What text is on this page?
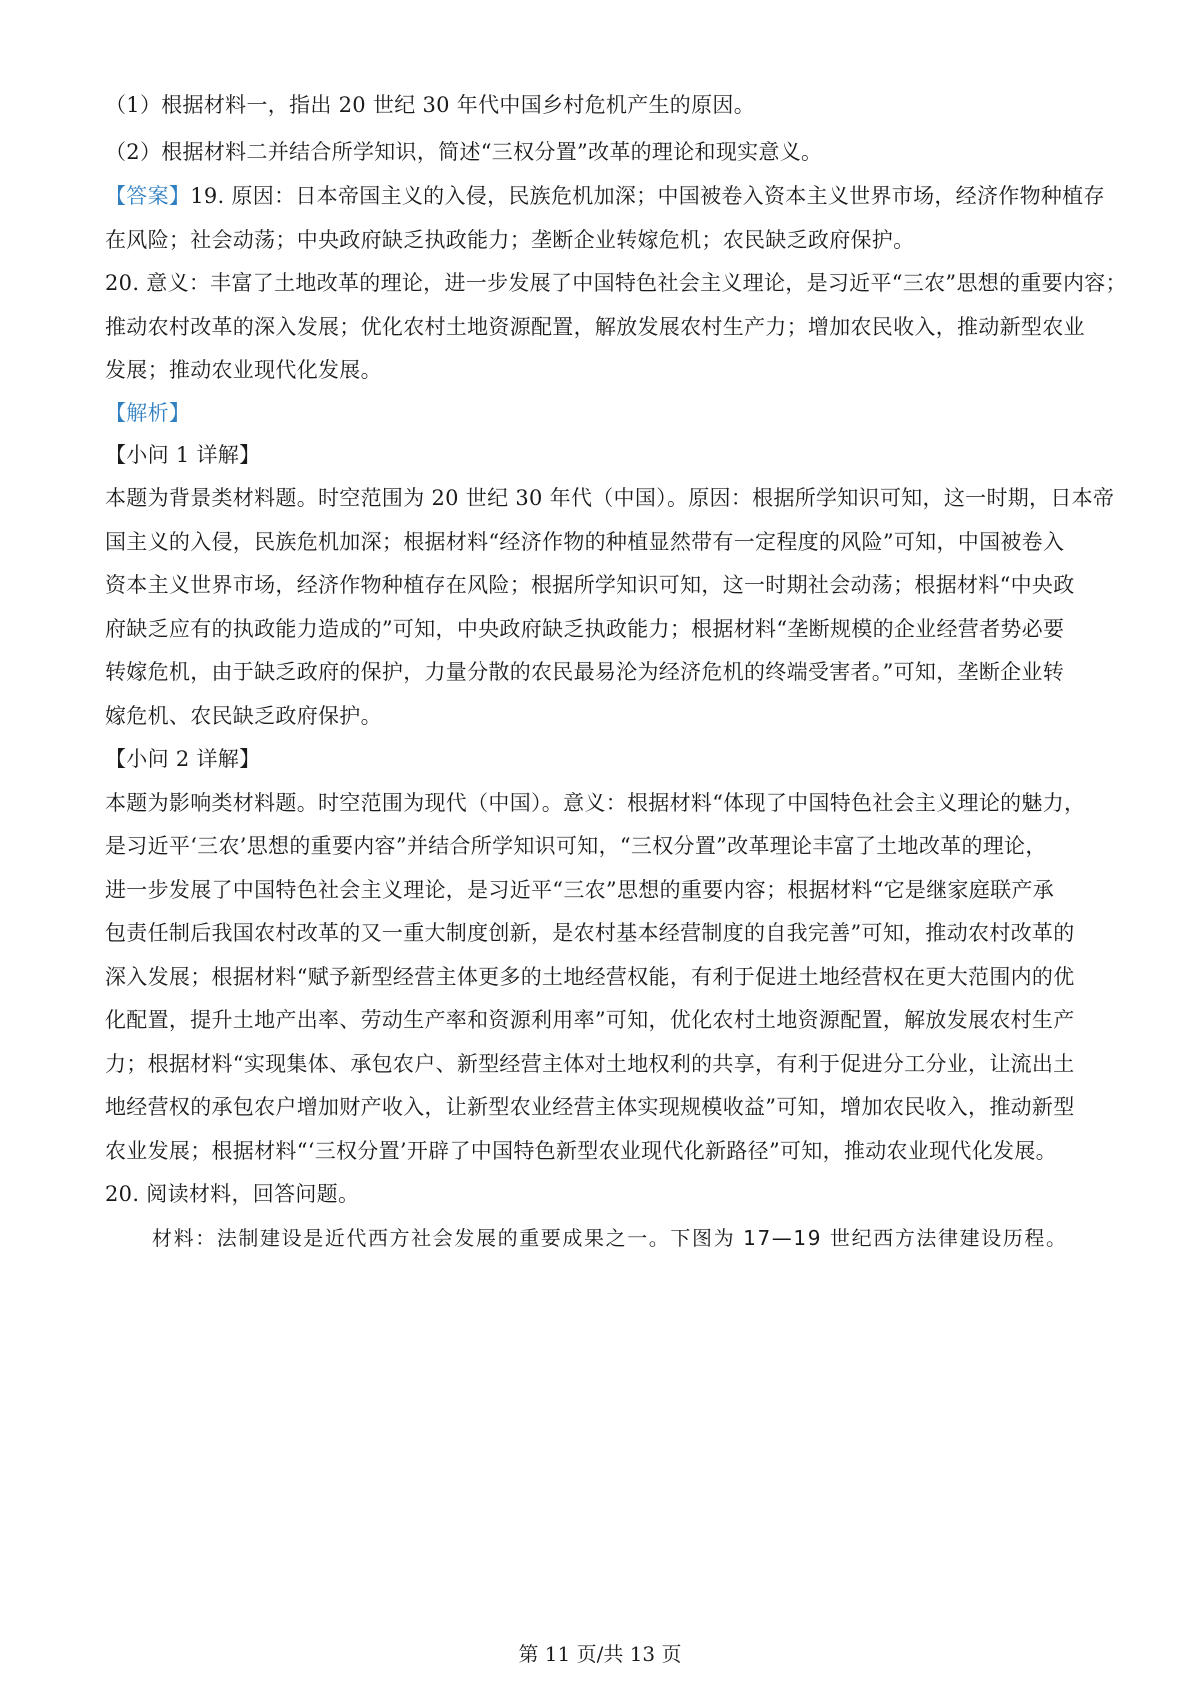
（1）根据材料一，指出 20 世纪 30 年代中国乡村危机产生的原因。
（2）根据材料二并结合所学知识，简述“三权分置”改革的理论和现实意义。
【答案】19. 原因：日本帝国主义的入侵，民族危机加深；中国被卷入资本主义世界市场，经济作物种植存
在风险；社会动荡；中央政府缺乏执政能力；垄断企业转嫁危机；农民缺乏政府保护。
20. 意义：丰富了土地改革的理论，进一步发展了中国特色社会主义理论，是习近平“三农”思想的重要内容；
推动农村改革的深入发展；优化农村土地资源配置，解放发展农村生产力；增加农民收入，推动新型农业
发展；推动农业现代化发展。
【解析】
【小问 1 详解】
本题为背景类材料题。时空范围为 20 世纪 30 年代（中国）。原因：根据所学知识可知，这一时期，日本帝
国主义的入侵，民族危机加深；根据材料“经济作物的种植显然带有一定程度的风险”可知，中国被卷入
资本主义世界市场，经济作物种植存在风险；根据所学知识可知，这一时期社会动荡；根据材料“中央政
府缺乏应有的执政能力造成的”可知，中央政府缺乏执政能力；根据材料“垄断规模的企业经营者势必要
转嫁危机，由于缺乏政府的保护，力量分散的农民最易沦为经济危机的终端受害者。”可知，垄断企业转
嫁危机、农民缺乏政府保护。
【小问 2 详解】
本题为影响类材料题。时空范围为现代（中国）。意义：根据材料“体现了中国特色社会主义理论的魅力，
是习近平‘三农’思想的重要内容”并结合所学知识可知，“三权分置”改革理论丰富了土地改革的理论，
进一步发展了中国特色社会主义理论，是习近平“三农”思想的重要内容；根据材料“它是继家庭联产承
包责任制后我国农村改革的又一重大制度创新，是农村基本经营制度的自我完善”可知，推动农村改革的
深入发展；根据材料“赋予新型经营主体更多的土地经营权能，有利于促进土地经营权在更大范围内的优
化配置，提升土地产出率、劳动生产率和资源利用率”可知，优化农村土地资源配置，解放发展农村生产
力；根据材料“实现集体、承包农户、新型经营主体对土地权利的共享，有利于促进分工分业，让流出土
地经营权的承包农户增加财产收入，让新型农业经营主体实现规模收益”可知，增加农民收入，推动新型
农业发展；根据材料“‘三权分置’开辟了中国特色新型农业现代化新路径”可知，推动农业现代化发展。
20. 阅读材料，回答问题。
材料：法制建设是近代西方社会发展的重要成果之一。下图为 17—19 世纪西方法律建设历程。
第 11 页/共 13 页
